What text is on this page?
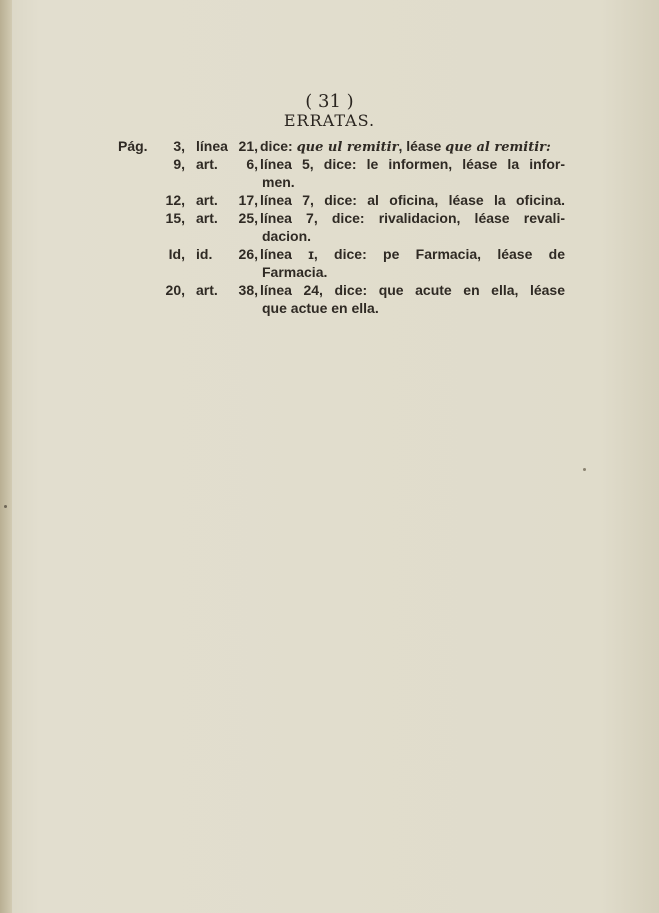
( 31 )
ERRATAS.
Pág.	3, línea 21, dice: que ul remitir, léase que al remitir:
9, art.	6, línea 5, dice: le informen, léase la infor-
men.
12, art.	17, línea 7, dice: al oficina, léase la oficina.
15, art.	25, línea 7, dice: rivalidacion, léase revali-
dacion.
Id, id.	26, línea ɪ, dice: pe Farmacia, léase de
Farmacia.
20, art.	38, línea 24, dice: que acute en ella, léase
que actue en ella.
